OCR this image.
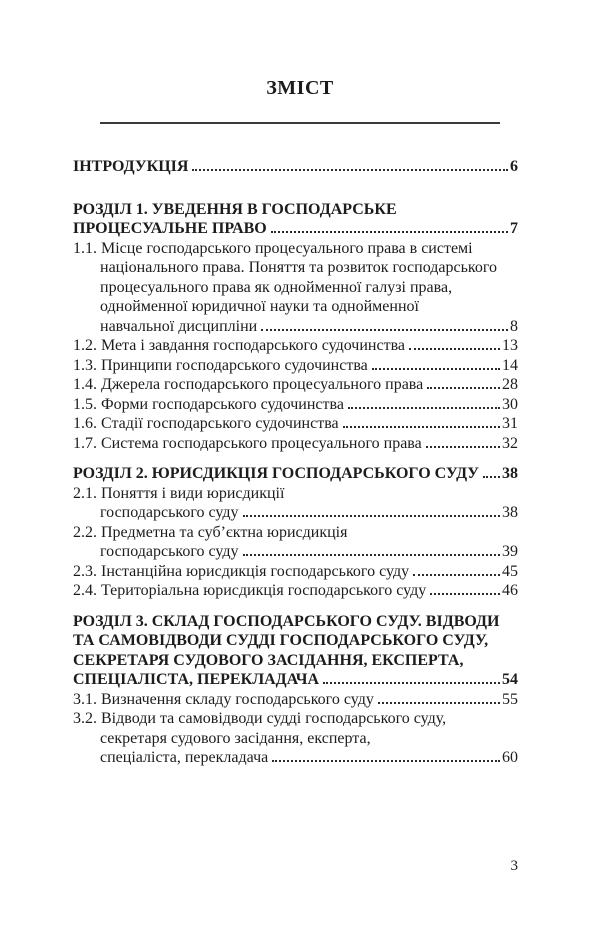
ЗМІСТ
ІНТРОДУКЦІЯ	6
РОЗДІЛ 1. УВЕДЕННЯ В ГОСПОДАРСЬКЕ
ПРОЦЕСУАЛЬНЕ ПРАВО	7
1.1. Місце господарського процесуального права в системі
національного права. Поняття та розвиток господарського
процесуального права як однойменної галузі права,
однойменної юридичної науки та однойменної
навчальної дисципліни	8
1.2. Мета і завдання господарського судочинства	13
1.3. Принципи господарського судочинства	14
1.4. Джерела господарського процесуального права	28
1.5. Форми господарського судочинства	30
1.6. Стадії господарського судочинства	31
1.7. Система господарського процесуального права	32
РОЗДІЛ 2. ЮРИСДИКЦІЯ ГОСПОДАРСЬКОГО СУДУ 38
2.1. Поняття і види юрисдикції
господарського суду	38
2.2. Предметна та суб’єктна юрисдикція
господарського суду	39
2.3. Інстанційна юрисдикція господарського суду	45
2.4. Територіальна юрисдикція господарського суду	46
РОЗДІЛ 3. СКЛАД ГОСПОДАРСЬКОГО СУДУ. ВІДВОДИ
ТА САМОВІДВОДИ СУДДІ ГОСПОДАРСЬКОГО СУДУ,
СЕКРЕТАРЯ СУДОВОГО ЗАСІДАННЯ, ЕКСПЕРТА,
СПЕЦІАЛІСТА, ПЕРЕКЛАДАЧА	54
3.1. Визначення складу господарського суду	55
3.2. Відводи та самовідводи судді господарського суду,
секретаря судового засідання, експерта,
спеціаліста, перекладача	60
3
